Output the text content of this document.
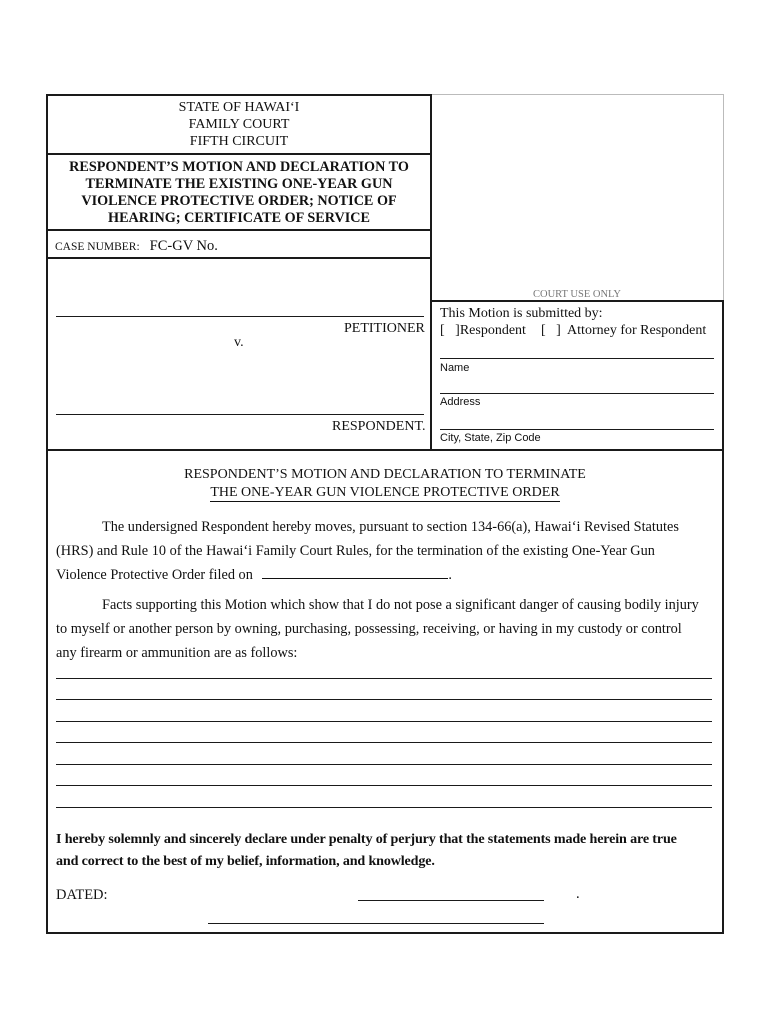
STATE OF HAWAI‘I
FAMILY COURT
FIFTH CIRCUIT
RESPONDENT’S MOTION AND DECLARATION TO
TERMINATE THE EXISTING ONE-YEAR GUN
VIOLENCE PROTECTIVE ORDER; NOTICE OF
HEARING; CERTIFICATE OF SERVICE
CASE NUMBER: FC-GV No.
COURT USE ONLY
PETITIONER
v.
RESPONDENT.
This Motion is submitted by:
[   ]Respondent [   ]  Attorney for Respondent
Name
Address
City, State, Zip Code
RESPONDENT’S MOTION AND DECLARATION TO TERMINATE
THE ONE-YEAR GUN VIOLENCE PROTECTIVE ORDER
The undersigned Respondent hereby moves, pursuant to section 134-66(a), Hawai‘i Revised Statutes
(HRS) and Rule 10 of the Hawai‘i Family Court Rules, for the termination of the existing One-Year Gun
Violence Protective Order filed on	.
Facts supporting this Motion which show that I do not pose a significant danger of causing bodily injury
to myself or another person by owning, purchasing, possessing, receiving, or having in my custody or control
any firearm or ammunition are as follows:
I hereby solemnly and sincerely declare under penalty of perjury that the statements made herein are true
and correct to the best of my belief, information, and knowledge.
DATED:	.
